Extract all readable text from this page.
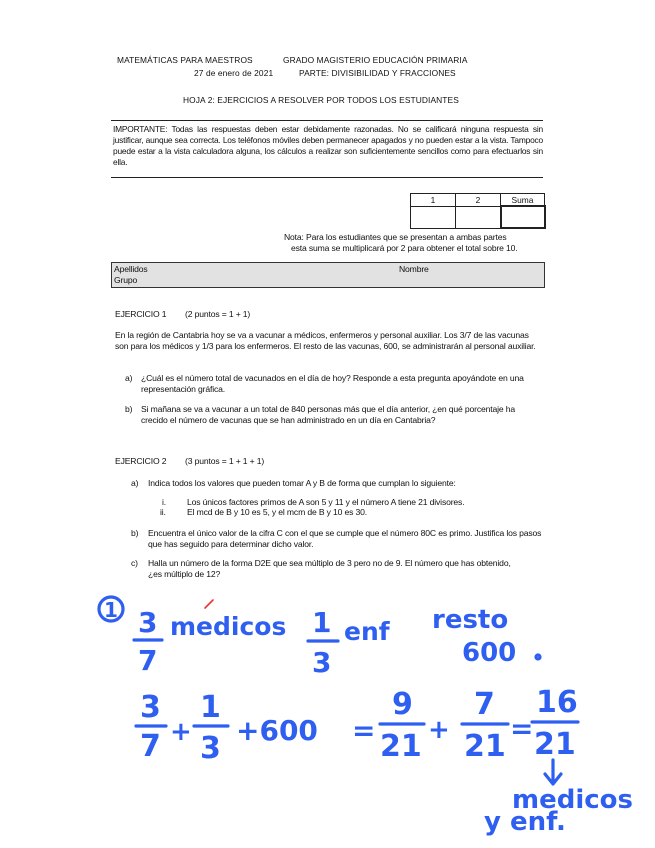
MATEMÁTICAS PARA MAESTROS	GRADO MAGISTERIO EDUCACIÓN PRIMARIA
27 de enero de 2021	PARTE: DIVISIBILIDAD Y FRACCIONES
HOJA 2: EJERCICIOS A RESOLVER POR TODOS LOS ESTUDIANTES

IMPORTANTE: Todas las respuestas deben estar debidamente razonadas. No se calificará ninguna respuesta sin justificar, aunque sea correcta. Los teléfonos móviles deben permanecer apagados y no pueden estar a la vista. Tampoco puede estar a la vista calculadora alguna, los cálculos a realizar son suficientemente sencillos como para efectuarlos sin ella.

1	2	Suma

Nota: Para los estudiantes que se presentan a ambas partes
esta suma se multiplicará por 2 para obtener el total sobre 10.
Apellidos	Nombre
Grupo
EJERCICIO 1 (2 puntos = 1 + 1)
En la región de Cantabria hoy se va a vacunar a médicos, enfermeros y personal auxiliar. Los 3/7 de las vacunas son para los médicos y 1/3 para los enfermeros. El resto de las vacunas, 600, se administrarán al personal auxiliar.
a) ¿Cuál es el número total de vacunados en el día de hoy? Responde a esta pregunta apoyándote en una representación gráfica.
b) Si mañana se va a vacunar a un total de 840 personas más que el día anterior, ¿en qué porcentaje ha crecido el número de vacunas que se han administrado en un día en Cantabria?
EJERCICIO 2 (3 puntos = 1 + 1 + 1)
a) Indica todos los valores que pueden tomar A y B de forma que cumplan lo siguiente:
i. Los únicos factores primos de A son 5 y 11 y el número A tiene 21 divisores.
ii. El mcd de B y 10 es 5, y el mcm de B y 10 es 30.
b) Encuentra el único valor de la cifra C con el que se cumple que el número 80C es primo. Justifica los pasos que has seguido para determinar dicho valor.
c) Halla un número de la forma D2E que sea múltiplo de 3 pero no de 9. El número que has obtenido, ¿es múltiplo de 12?
1 3
7
medicos 1
3
enf resto
600
3
7 +
1
3
+600 =
9
21 +
7
21
=
16
21
medicos
y enf.
